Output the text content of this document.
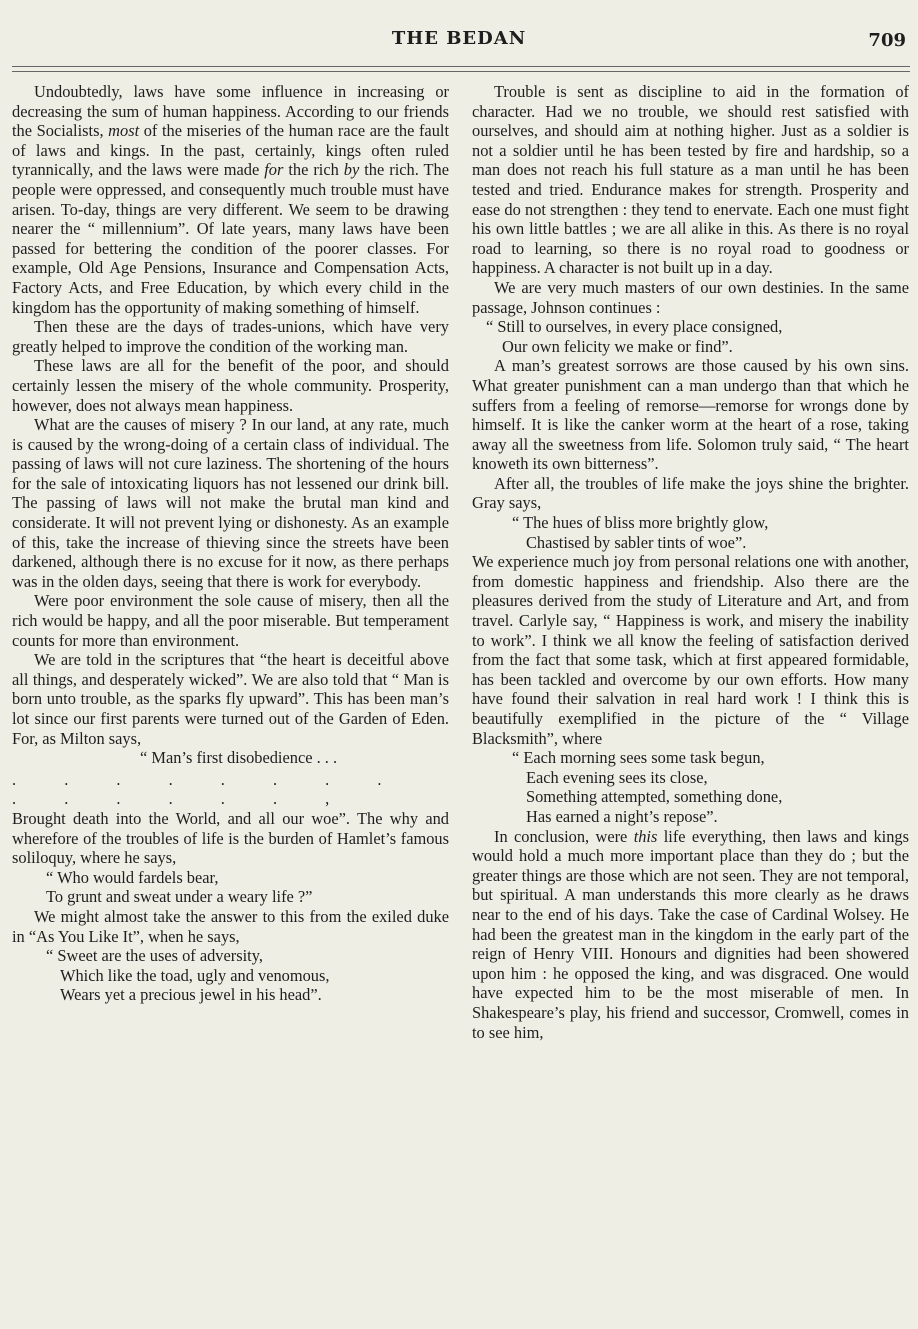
THE BEDAN	709

Undoubtedly, laws have some influence in increasing or decreasing the sum of human happiness. According to our friends the Socialists, most of the miseries of the human race are the fault of laws and kings. In the past, certainly, kings often ruled tyrannically, and the laws were made for the rich by the rich. The people were oppressed, and consequently much trouble must have arisen. To-day, things are very different. We seem to be drawing nearer the “ millennium”. Of late years, many laws have been passed for bettering the condition of the poorer classes. For example, Old Age Pensions, Insurance and Compensation Acts, Factory Acts, and Free Education, by which every child in the kingdom has the opportunity of making something of himself.

Then these are the days of trades-unions, which have very greatly helped to improve the condition of the working man.

These laws are all for the benefit of the poor, and should certainly lessen the misery of the whole community. Prosperity, however, does not always mean happiness.

What are the causes of misery ? In our land, at any rate, much is caused by the wrong-doing of a certain class of individual. The passing of laws will not cure laziness. The shortening of the hours for the sale of intoxicating liquors has not lessened our drink bill. The passing of laws will not make the brutal man kind and considerate. It will not prevent lying or dishonesty. As an example of this, take the increase of thieving since the streets have been darkened, although there is no excuse for it now, as there perhaps was in the olden days, seeing that there is work for everybody.

Were poor environment the sole cause of misery, then all the rich would be happy, and all the poor miserable. But temperament counts for more than environment.

We are told in the scriptures that “the heart is deceitful above all things, and desperately wicked”. We are also told that “ Man is born unto trouble, as the sparks fly upward”. This has been man’s lot since our first parents were turned out of the Garden of Eden. For, as Milton says,

“ Man’s first disobedience . . .
. . . . . . . . . . . . . . ,

Brought death into the World, and all our woe”. The why and wherefore of the troubles of life is the burden of Hamlet’s famous soliloquy, where he says,

“ Who would fardels bear,
To grunt and sweat under a weary life ?”

We might almost take the answer to this from the exiled duke in “As You Like It”, when he says,

“ Sweet are the uses of adversity,
Which like the toad, ugly and venomous,
Wears yet a precious jewel in his head”.

Trouble is sent as discipline to aid in the formation of character. Had we no trouble, we should rest satisfied with ourselves, and should aim at nothing higher. Just as a soldier is not a soldier until he has been tested by fire and hardship, so a man does not reach his full stature as a man until he has been tested and tried. Endurance makes for strength. Prosperity and ease do not strengthen : they tend to enervate. Each one must fight his own little battles ; we are all alike in this. As there is no royal road to learning, so there is no royal road to goodness or happiness. A character is not built up in a day.

We are very much masters of our own destinies. In the same passage, Johnson continues :

“ Still to ourselves, in every place consigned,
Our own felicity we make or find”.

A man’s greatest sorrows are those caused by his own sins. What greater punishment can a man undergo than that which he suffers from a feeling of remorse—remorse for wrongs done by himself. It is like the canker worm at the heart of a rose, taking away all the sweetness from life. Solomon truly said, “ The heart knoweth its own bitterness”.

After all, the troubles of life make the joys shine the brighter. Gray says,

“ The hues of bliss more brightly glow,
Chastised by sabler tints of woe”.

We experience much joy from personal relations one with another, from domestic happiness and friendship. Also there are the pleasures derived from the study of Literature and Art, and from travel. Carlyle say, “ Happiness is work, and misery the inability to work”. I think we all know the feeling of satisfaction derived from the fact that some task, which at first appeared formidable, has been tackled and overcome by our own efforts. How many have found their salvation in real hard work ! I think this is beautifully exemplified in the picture of the “ Village Blacksmith”, where

“ Each morning sees some task begun,
Each evening sees its close,
Something attempted, something done,
Has earned a night’s repose”.

In conclusion, were this life everything, then laws and kings would hold a much more important place than they do ; but the greater things are those which are not seen. They are not temporal, but spiritual. A man understands this more clearly as he draws near to the end of his days. Take the case of Cardinal Wolsey. He had been the greatest man in the kingdom in the early part of the reign of Henry VIII. Honours and dignities had been showered upon him : he opposed the king, and was disgraced. One would have expected him to be the most miserable of men. In Shakespeare’s play, his friend and successor, Cromwell, comes in to see him,
